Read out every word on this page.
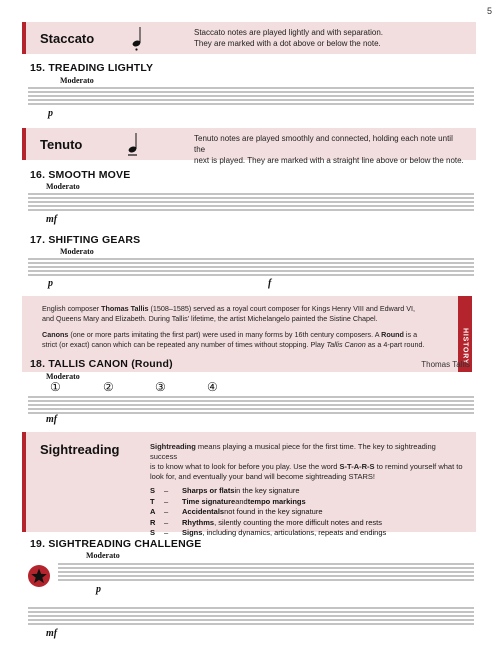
5
Staccato	Staccato notes are played lightly and with separation.
They are marked with a dot above or below the note.
15. TREADING LIGHTLY
Moderato
p
Tenuto	Tenuto notes are played smoothly and connected, holding each note until the
next is played. They are marked with a straight line above or below the note.
16. SMOOTH MOVE
Moderato
mf
17. SHIFTING GEARS
Moderato
p	f

English composer Thomas Tallis (1508–1585) served as a royal court composer for Kings Henry VIII and Edward VI,
and Queens Mary and Elizabeth. During Tallis' lifetime, the artist Michelangelo painted the Sistine Chapel.

Canons (one or more parts imitating the first part) were used in many forms by 16th century composers. A Round is a
strict (or exact) canon which can be repeated any number of times without stopping. Play Tallis Canon as a 4-part round.	HISTORY
18. TALLIS CANON (Round)	Thomas Tallis
Moderato
①	②	③	④
mf
Sightreading	Sightreading means playing a musical piece for the first time. The key to sightreading success
is to know what to look for before you play. Use the word S-T-A-R-S to remind yourself what to
look for, and eventually your band will become sightreading STARS!
S – Sharps or flatsin the key signature
T – Time signatureandtempo markings
A – Accidentalsnot found in the key signature
R – Rhythms, silently counting the more difficult notes and rests
S – Signs, including dynamics, articulations, repeats and endings
19. SIGHTREADING CHALLENGE
Moderato
p
mf
